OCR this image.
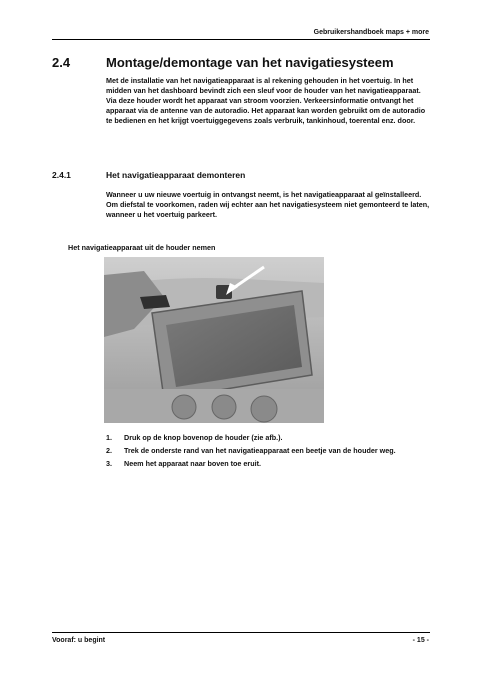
Gebruikershandboek maps + more
2.4	Montage/demontage van het navigatiesysteem
Met de installatie van het navigatieapparaat is al rekening gehouden in het voertuig. In het midden van het dashboard bevindt zich een sleuf voor de houder van het navigatieapparaat. Via deze houder wordt het apparaat van stroom voorzien. Verkeersinformatie ontvangt het apparaat via de antenne van de autoradio. Het apparaat kan worden gebruikt om de autoradio te bedienen en het krijgt voertuiggegevens zoals verbruik, tankinhoud, toerental enz. door.
2.4.1	Het navigatieapparaat demonteren
Wanneer u uw nieuwe voertuig in ontvangst neemt, is het navigatieapparaat al geïnstalleerd. Om diefstal te voorkomen, raden wij echter aan het navigatiesysteem niet gemonteerd te laten, wanneer u het voertuig parkeert.
Het navigatieapparaat uit de houder nemen
1. Druk op de knop bovenop de houder (zie afb.).
2. Trek de onderste rand van het navigatieapparaat een beetje van de houder weg.
3. Neem het apparaat naar boven toe eruit.
Vooraf: u begint	- 15 -
